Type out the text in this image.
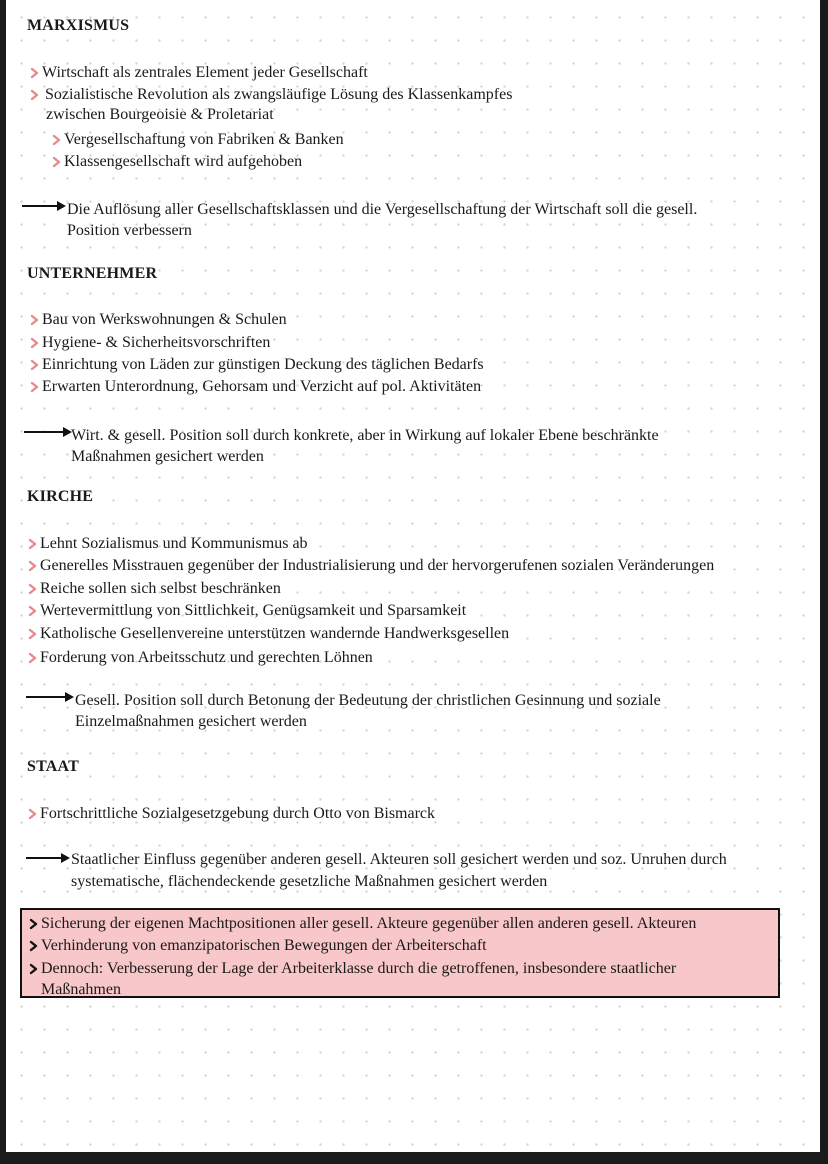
MARXISMUS
Wirtschaft als zentrales Element jeder Gesellschaft
Sozialistische Revolution als zwangsläufige Lösung des Klassenkampfes
zwischen Bourgeoisie & Proletariat
Vergesellschaftung von Fabriken & Banken
Klassengesellschaft wird aufgehoben
Die Auflösung aller Gesellschaftsklassen und die Vergesellschaftung der Wirtschaft soll die gesell.
Position verbessern
UNTERNEHMER
Bau von Werkswohnungen & Schulen
Hygiene- & Sicherheitsvorschriften
Einrichtung von Läden zur günstigen Deckung des täglichen Bedarfs
Erwarten Unterordnung, Gehorsam und Verzicht auf pol. Aktivitäten
Wirt. & gesell. Position soll durch konkrete, aber in Wirkung auf lokaler Ebene beschränkte
Maßnahmen gesichert werden
KIRCHE
Lehnt Sozialismus und Kommunismus ab
Generelles Misstrauen gegenüber der Industrialisierung und der hervorgerufenen sozialen Veränderungen
Reiche sollen sich selbst beschränken
Wertevermittlung von Sittlichkeit, Genügsamkeit und Sparsamkeit
Katholische Gesellenvereine unterstützen wandernde Handwerksgesellen
Forderung von Arbeitsschutz und gerechten Löhnen
Gesell. Position soll durch Betonung der Bedeutung der christlichen Gesinnung und soziale
Einzelmaßnahmen gesichert werden
STAAT
Fortschrittliche Sozialgesetzgebung durch Otto von Bismarck
Staatlicher Einfluss gegenüber anderen gesell. Akteuren soll gesichert werden und soz. Unruhen durch
systematische, flächendeckende gesetzliche Maßnahmen gesichert werden
Sicherung der eigenen Machtpositionen aller gesell. Akteure gegenüber allen anderen gesell. Akteuren
Verhinderung von emanzipatorischen Bewegungen der Arbeiterschaft
Dennoch: Verbesserung der Lage der Arbeiterklasse durch die getroffenen, insbesondere staatlicher
Maßnahmen
